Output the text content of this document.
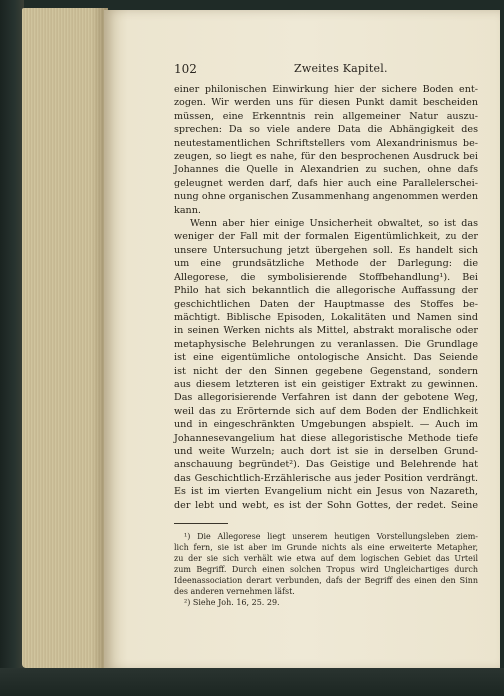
102	Zweites Kapitel.
einer philonischen Einwirkung hier der sichere Boden ent-
zogen. Wir werden uns für diesen Punkt damit bescheiden
müssen, eine Erkenntnis rein allgemeiner Natur auszu-
sprechen: Da so viele andere Data die Abhängigkeit des
neutestamentlichen Schriftstellers vom Alexandrinismus be-
zeugen, so liegt es nahe, für den besprochenen Ausdruck bei
Johannes die Quelle in Alexandrien zu suchen, ohne dafs
geleugnet werden darf, dafs hier auch eine Parallelerschei-
nung ohne organischen Zusammenhang angenommen werden
kann.
Wenn aber hier einige Unsicherheit obwaltet, so ist das
weniger der Fall mit der formalen Eigentümlichkeit, zu der
unsere Untersuchung jetzt übergehen soll. Es handelt sich
um eine grundsätzliche Methode der Darlegung: die
Allegorese, die symbolisierende Stoffbehandlung¹). Bei
Philo hat sich bekanntlich die allegorische Auffassung der
geschichtlichen Daten der Hauptmasse des Stoffes be-
mächtigt. Biblische Episoden, Lokalitäten und Namen sind
in seinen Werken nichts als Mittel, abstrakt moralische oder
metaphysische Belehrungen zu veranlassen. Die Grundlage
ist eine eigentümliche ontologische Ansicht. Das Seiende
ist nicht der den Sinnen gegebene Gegenstand, sondern
aus diesem letzteren ist ein geistiger Extrakt zu gewinnen.
Das allegorisierende Verfahren ist dann der gebotene Weg,
weil das zu Erörternde sich auf dem Boden der Endlichkeit
und in eingeschränkten Umgebungen abspielt. — Auch im
Johannesevangelium hat diese allegoristische Methode tiefe
und weite Wurzeln; auch dort ist sie in derselben Grund-
anschauung begründet²). Das Geistige und Belehrende hat
das Geschichtlich-Erzählerische aus jeder Position verdrängt.
Es ist im vierten Evangelium nicht ein Jesus von Nazareth,
der lebt und webt, es ist der Sohn Gottes, der redet. Seine
¹) Die Allegorese liegt unserem heutigen Vorstellungsleben ziem-
lich fern, sie ist aber im Grunde nichts als eine erweiterte Metapher,
zu der sie sich verhält wie etwa auf dem logischen Gebiet das Urteil
zum Begriff. Durch einen solchen Tropus wird Ungleichartiges durch
Ideenassociation derart verbunden, dafs der Begriff des einen den Sinn
des anderen vernehmen läfst.
²) Siehe Joh. 16, 25. 29.
